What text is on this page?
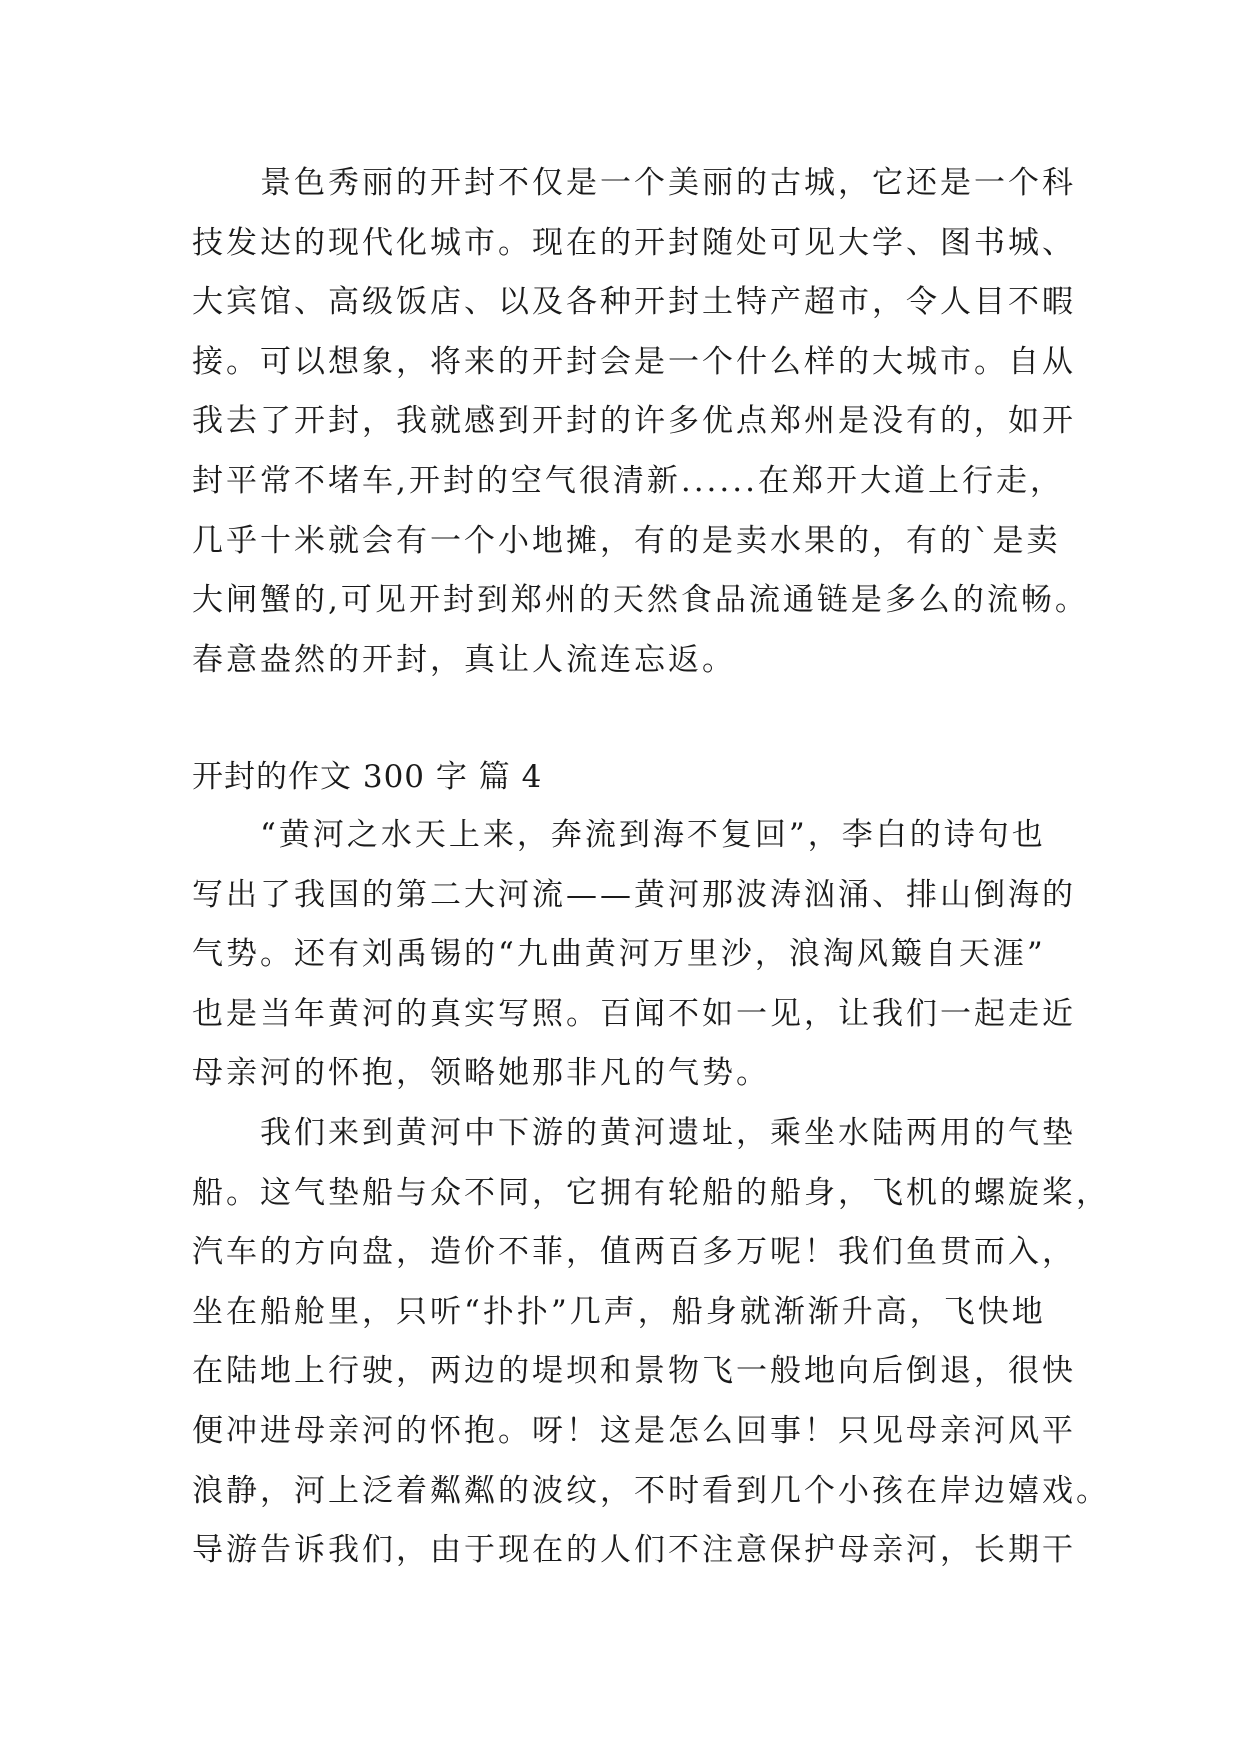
　　景色秀丽的开封不仅是一个美丽的古城，它还是一个科
技发达的现代化城市。现在的开封随处可见大学、图书城、
大宾馆、高级饭店、以及各种开封土特产超市，令人目不暇
接。可以想象，将来的开封会是一个什么样的大城市。自从
我去了开封，我就感到开封的许多优点郑州是没有的，如开
封平常不堵车,开封的空气很清新......在郑开大道上行走，
几乎十米就会有一个小地摊，有的是卖水果的，有的`是卖
大闸蟹的,可见开封到郑州的天然食品流通链是多么的流畅。
春意盎然的开封，真让人流连忘返。
开封的作文 300 字 篇 4
　　“黄河之水天上来，奔流到海不复回”，李白的诗句也
写出了我国的第二大河流——黄河那波涛汹涌、排山倒海的
气势。还有刘禹锡的“九曲黄河万里沙，浪淘风簸自天涯”
也是当年黄河的真实写照。百闻不如一见，让我们一起走近
母亲河的怀抱，领略她那非凡的气势。
　　我们来到黄河中下游的黄河遗址，乘坐水陆两用的气垫
船。这气垫船与众不同，它拥有轮船的船身，飞机的螺旋桨，
汽车的方向盘，造价不菲，值两百多万呢！我们鱼贯而入，
坐在船舱里，只听“扑扑”几声，船身就渐渐升高，飞快地
在陆地上行驶，两边的堤坝和景物飞一般地向后倒退，很快
便冲进母亲河的怀抱。呀！这是怎么回事！只见母亲河风平
浪静，河上泛着粼粼的波纹，不时看到几个小孩在岸边嬉戏。
导游告诉我们，由于现在的人们不注意保护母亲河，长期干
